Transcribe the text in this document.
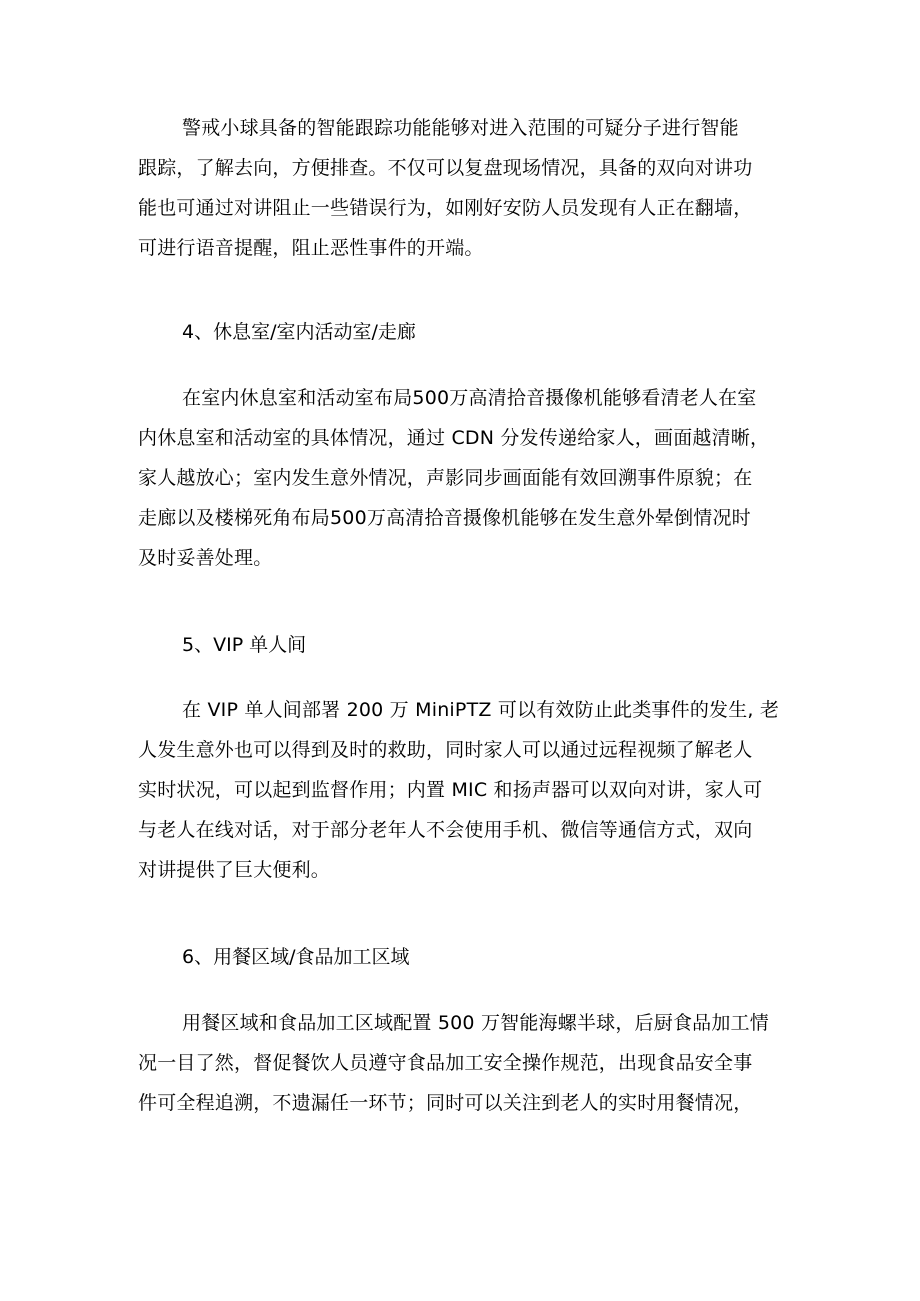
警戒小球具备的智能跟踪功能能够对进入范围的可疑分子进行智能
跟踪，了解去向，方便排查。不仅可以复盘现场情况，具备的双向对讲功
能也可通过对讲阻止一些错误行为，如刚好安防人员发现有人正在翻墙，
可进行语音提醒，阻止恶性事件的开端。

4、休息室/室内活动室/走廊

在室内休息室和活动室布局500万高清拾音摄像机能够看清老人在室
内休息室和活动室的具体情况，通过 CDN 分发传递给家人，画面越清晰，
家人越放心；室内发生意外情况，声影同步画面能有效回溯事件原貌；在
走廊以及楼梯死角布局500万高清拾音摄像机能够在发生意外晕倒情况时
及时妥善处理。

5、VIP 单人间

在 VIP 单人间部署 200 万 MiniPTZ 可以有效防止此类事件的发生, 老
人发生意外也可以得到及时的救助，同时家人可以通过远程视频了解老人
实时状况，可以起到监督作用；内置 MIC 和扬声器可以双向对讲，家人可
与老人在线对话，对于部分老年人不会使用手机、微信等通信方式，双向
对讲提供了巨大便利。

6、用餐区域/食品加工区域

用餐区域和食品加工区域配置 500 万智能海螺半球，后厨食品加工情
况一目了然，督促餐饮人员遵守食品加工安全操作规范，出现食品安全事
件可全程追溯，不遗漏任一环节；同时可以关注到老人的实时用餐情况，
